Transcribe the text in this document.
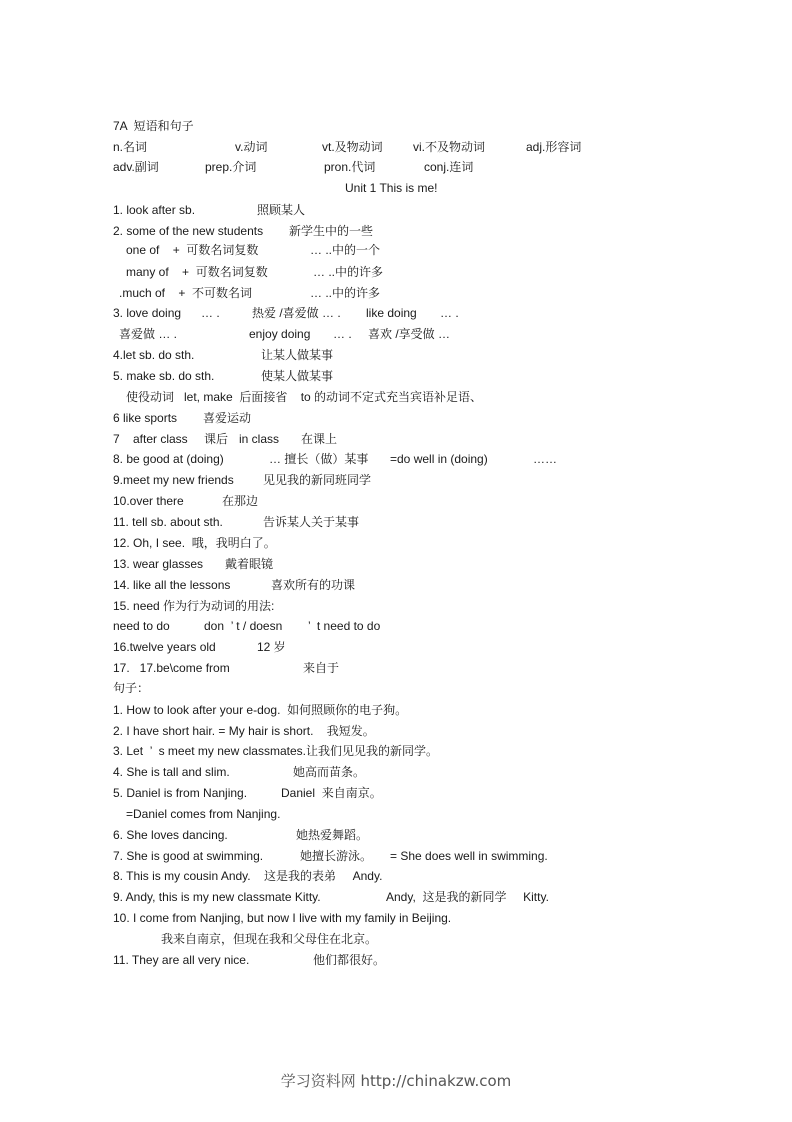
7A  短语和句子
n.名词	v.动词	vt.及物动词	vi.不及物动词	adj.形容词
adv.副词	prep.介词	pron.代词	conj.连词
Unit 1 This is me!
1. look after sb.	照顾某人
2. some of the new students 新学生中的一些
one of    +  可数名词复数	… ..中的一个
many of    +  可数名词复数	… ..中的许多
.much of    +  不可数名词	… ..中的许多
3. love doing … .	热爱 /喜爱做 … . like doing … .
喜爱做 … .	enjoy doing … . 喜欢 /享受做 …
4.let sb. do sth.	让某人做某事
5. make sb. do sth.	使某人做某事
使役动词   let, make  后面接省    to 的动词不定式充当宾语补足语、
6 like sports 喜爱运动
7 after class 课后 in class 在课上
8. be good at (doing)	… 擅长（做）某事 =do well in (doing)	……
9.meet my new friends 见见我的新同班同学
10.over there	在那边
11. tell sb. about sth.	告诉某人关于某事
12. Oh, I see.  哦，我明白了。
13. wear glasses 戴着眼镜
14. like all the lessons	喜欢所有的功课
15. need 作为行为动词的用法:
need to do	don  ’ t / doesn ’  t need to do
16.twelve years old	12 岁
17.   17.be\come from	来自于
句子：
1. How to look after your e-dog.  如何照顾你的电子狗。
2. I have short hair. = My hair is short.    我短发。
3. Let  ’  s meet my new classmates.让我们见见我的新同学。
4. She is tall and slim.	她高而苗条。
5. Daniel is from Nanjing.	Daniel  来自南京。
=Daniel comes from Nanjing.
6. She loves dancing.	她热爱舞蹈。
7. She is good at swimming.	她擅长游泳。 = She does well in swimming.
8. This is my cousin Andy.    这是我的表弟     Andy.
9. Andy, this is my new classmate Kitty.	Andy,  这是我的新同学     Kitty.
10. I come from Nanjing, but now I live with my family in Beijing.
我来自南京，但现在我和父母住在北京。
11. They are all very nice.	他们都很好。
学习资料网 http://chinakzw.com
